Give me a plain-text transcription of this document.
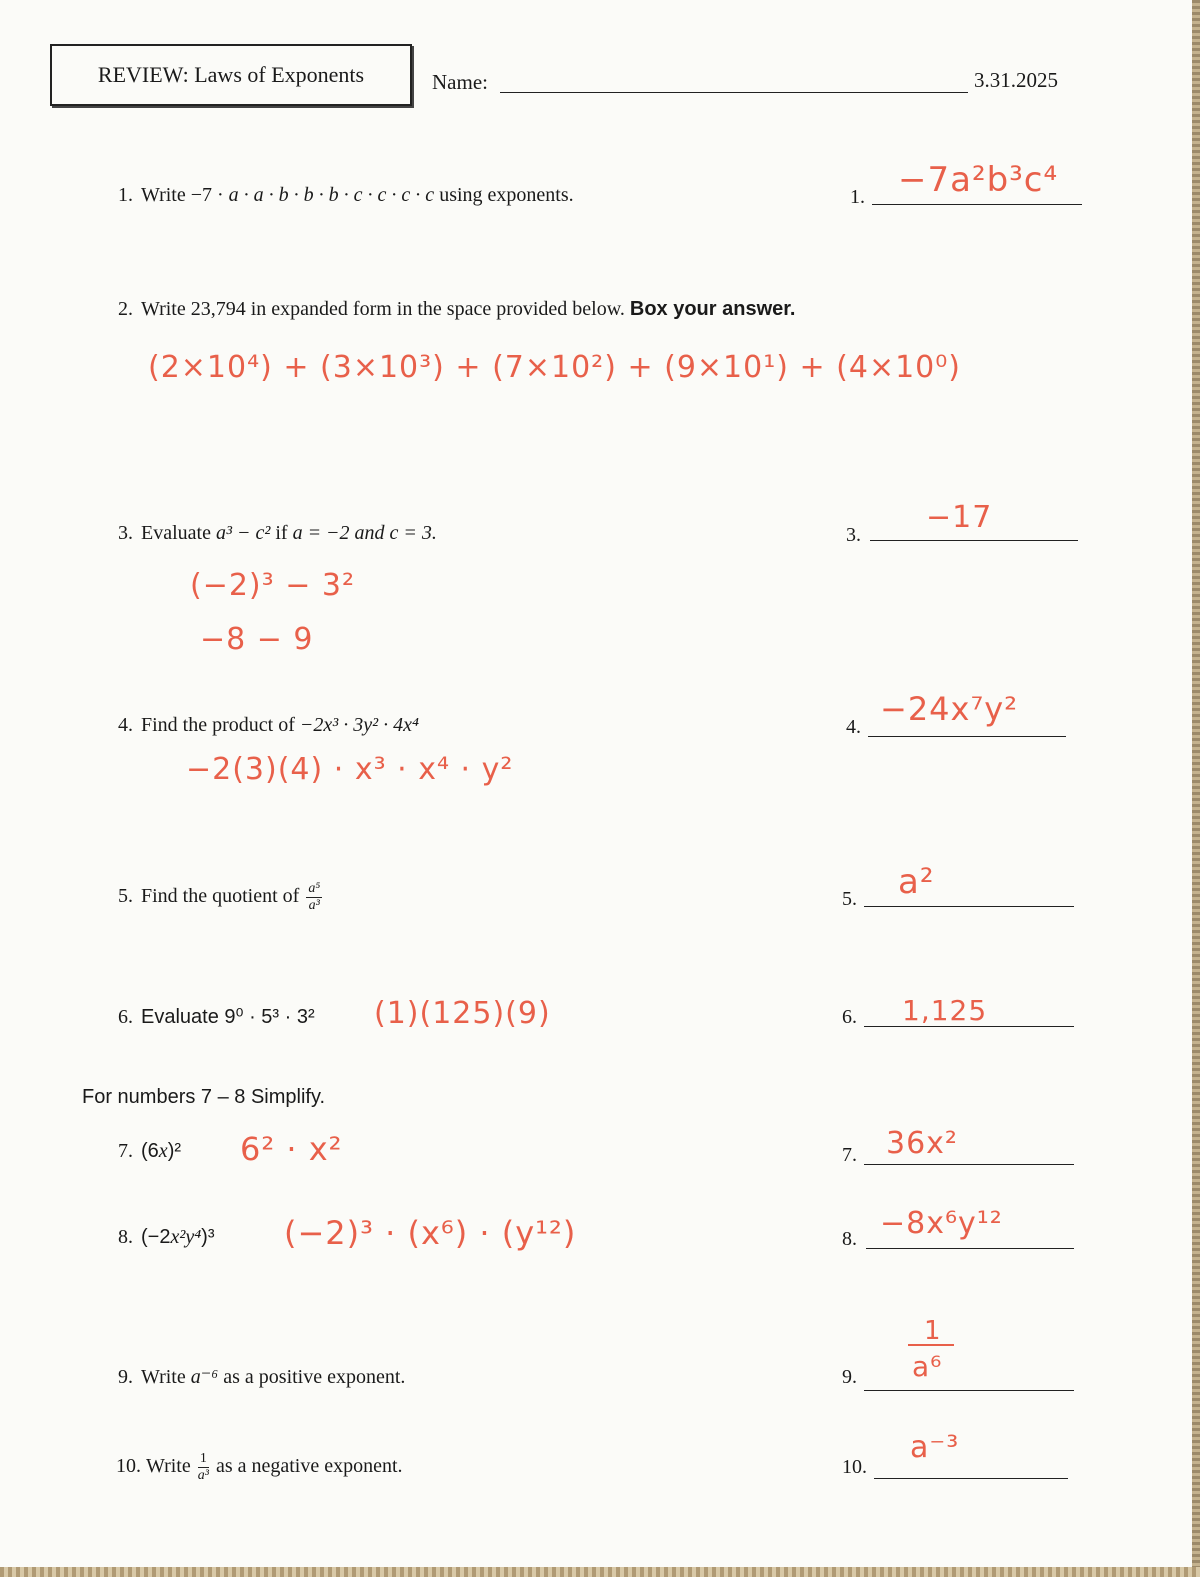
REVIEW: Laws of Exponents	Name:	3.31.2025
1. Write −7 · a · a · b · b · b · c · c · c · c using exponents.	1. −7a²b³c⁴
2. Write 23,794 in expanded form in the space provided below. Box your answer.
(2×10⁴) + (3×10³) + (7×10²) + (9×10¹) + (4×10⁰)
3. Evaluate a³ − c² if a = −2 and c = 3.	3. −17
(−2)³ − 3²
−8 − 9
4. Find the product of −2x³ · 3y² · 4x⁴	4. −24x⁷y²
−2(3)(4) · x³ · x⁴ · y²
5. Find the quotient of $\frac{\text{a⁵}}{\text{a³}}$	5. a²
6. Evaluate 9⁰ · 5³ · 3² (1)(125)(9)	6. 1,125
For numbers 7 – 8 Simplify.
7. (6x)² 6² · x²	7. 36x²
8. (−2x²y⁴)³ (−2)³ · (x⁶) · (y¹²)	8. −8x⁶y¹²
9. Write a⁻⁶ as a positive exponent.	9.
1
a⁶
10. Write $\frac{1}{\text{a³}}$ as a negative exponent.	10.
a⁻³
